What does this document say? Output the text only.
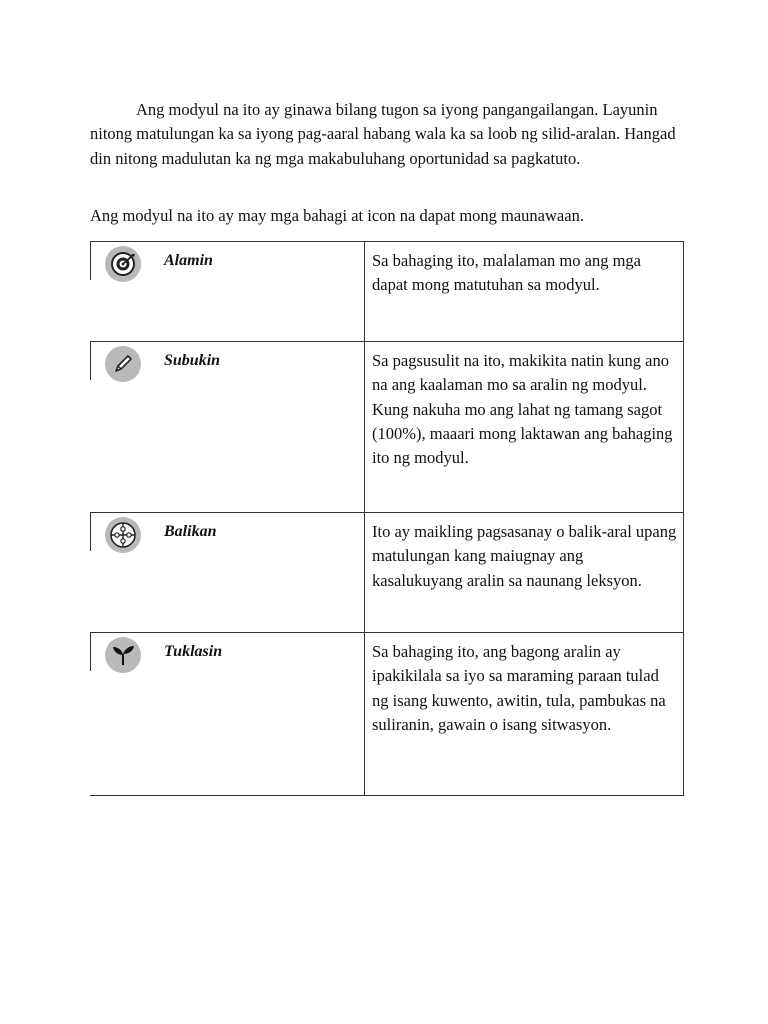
Ang modyul na ito ay ginawa bilang tugon sa iyong pangangailangan. Layunin nitong matulungan ka sa iyong pag-aaral habang wala ka sa loob ng silid-aralan. Hangad din nitong madulutan ka ng mga makabuluhang oportunidad sa pagkatuto.

Ang modyul na ito ay may mga bahagi at icon na dapat mong maunawaan.

Alamin	Sa bahaging ito, malalaman mo ang mga dapat mong matutuhan sa modyul.

Subukin	Sa pagsusulit na ito, makikita natin kung ano na ang kaalaman mo sa aralin ng modyul. Kung nakuha mo ang lahat ng tamang sagot (100%), maaari mong laktawan ang bahaging ito ng modyul.

Balikan	Ito ay maikling pagsasanay o balik-aral upang matulungan kang maiugnay ang kasalukuyang aralin sa naunang leksyon.

Tuklasin	Sa bahaging ito, ang bagong aralin ay ipakikilala sa iyo sa maraming paraan tulad ng isang kuwento, awitin, tula, pambukas na suliranin, gawain o isang sitwasyon.
